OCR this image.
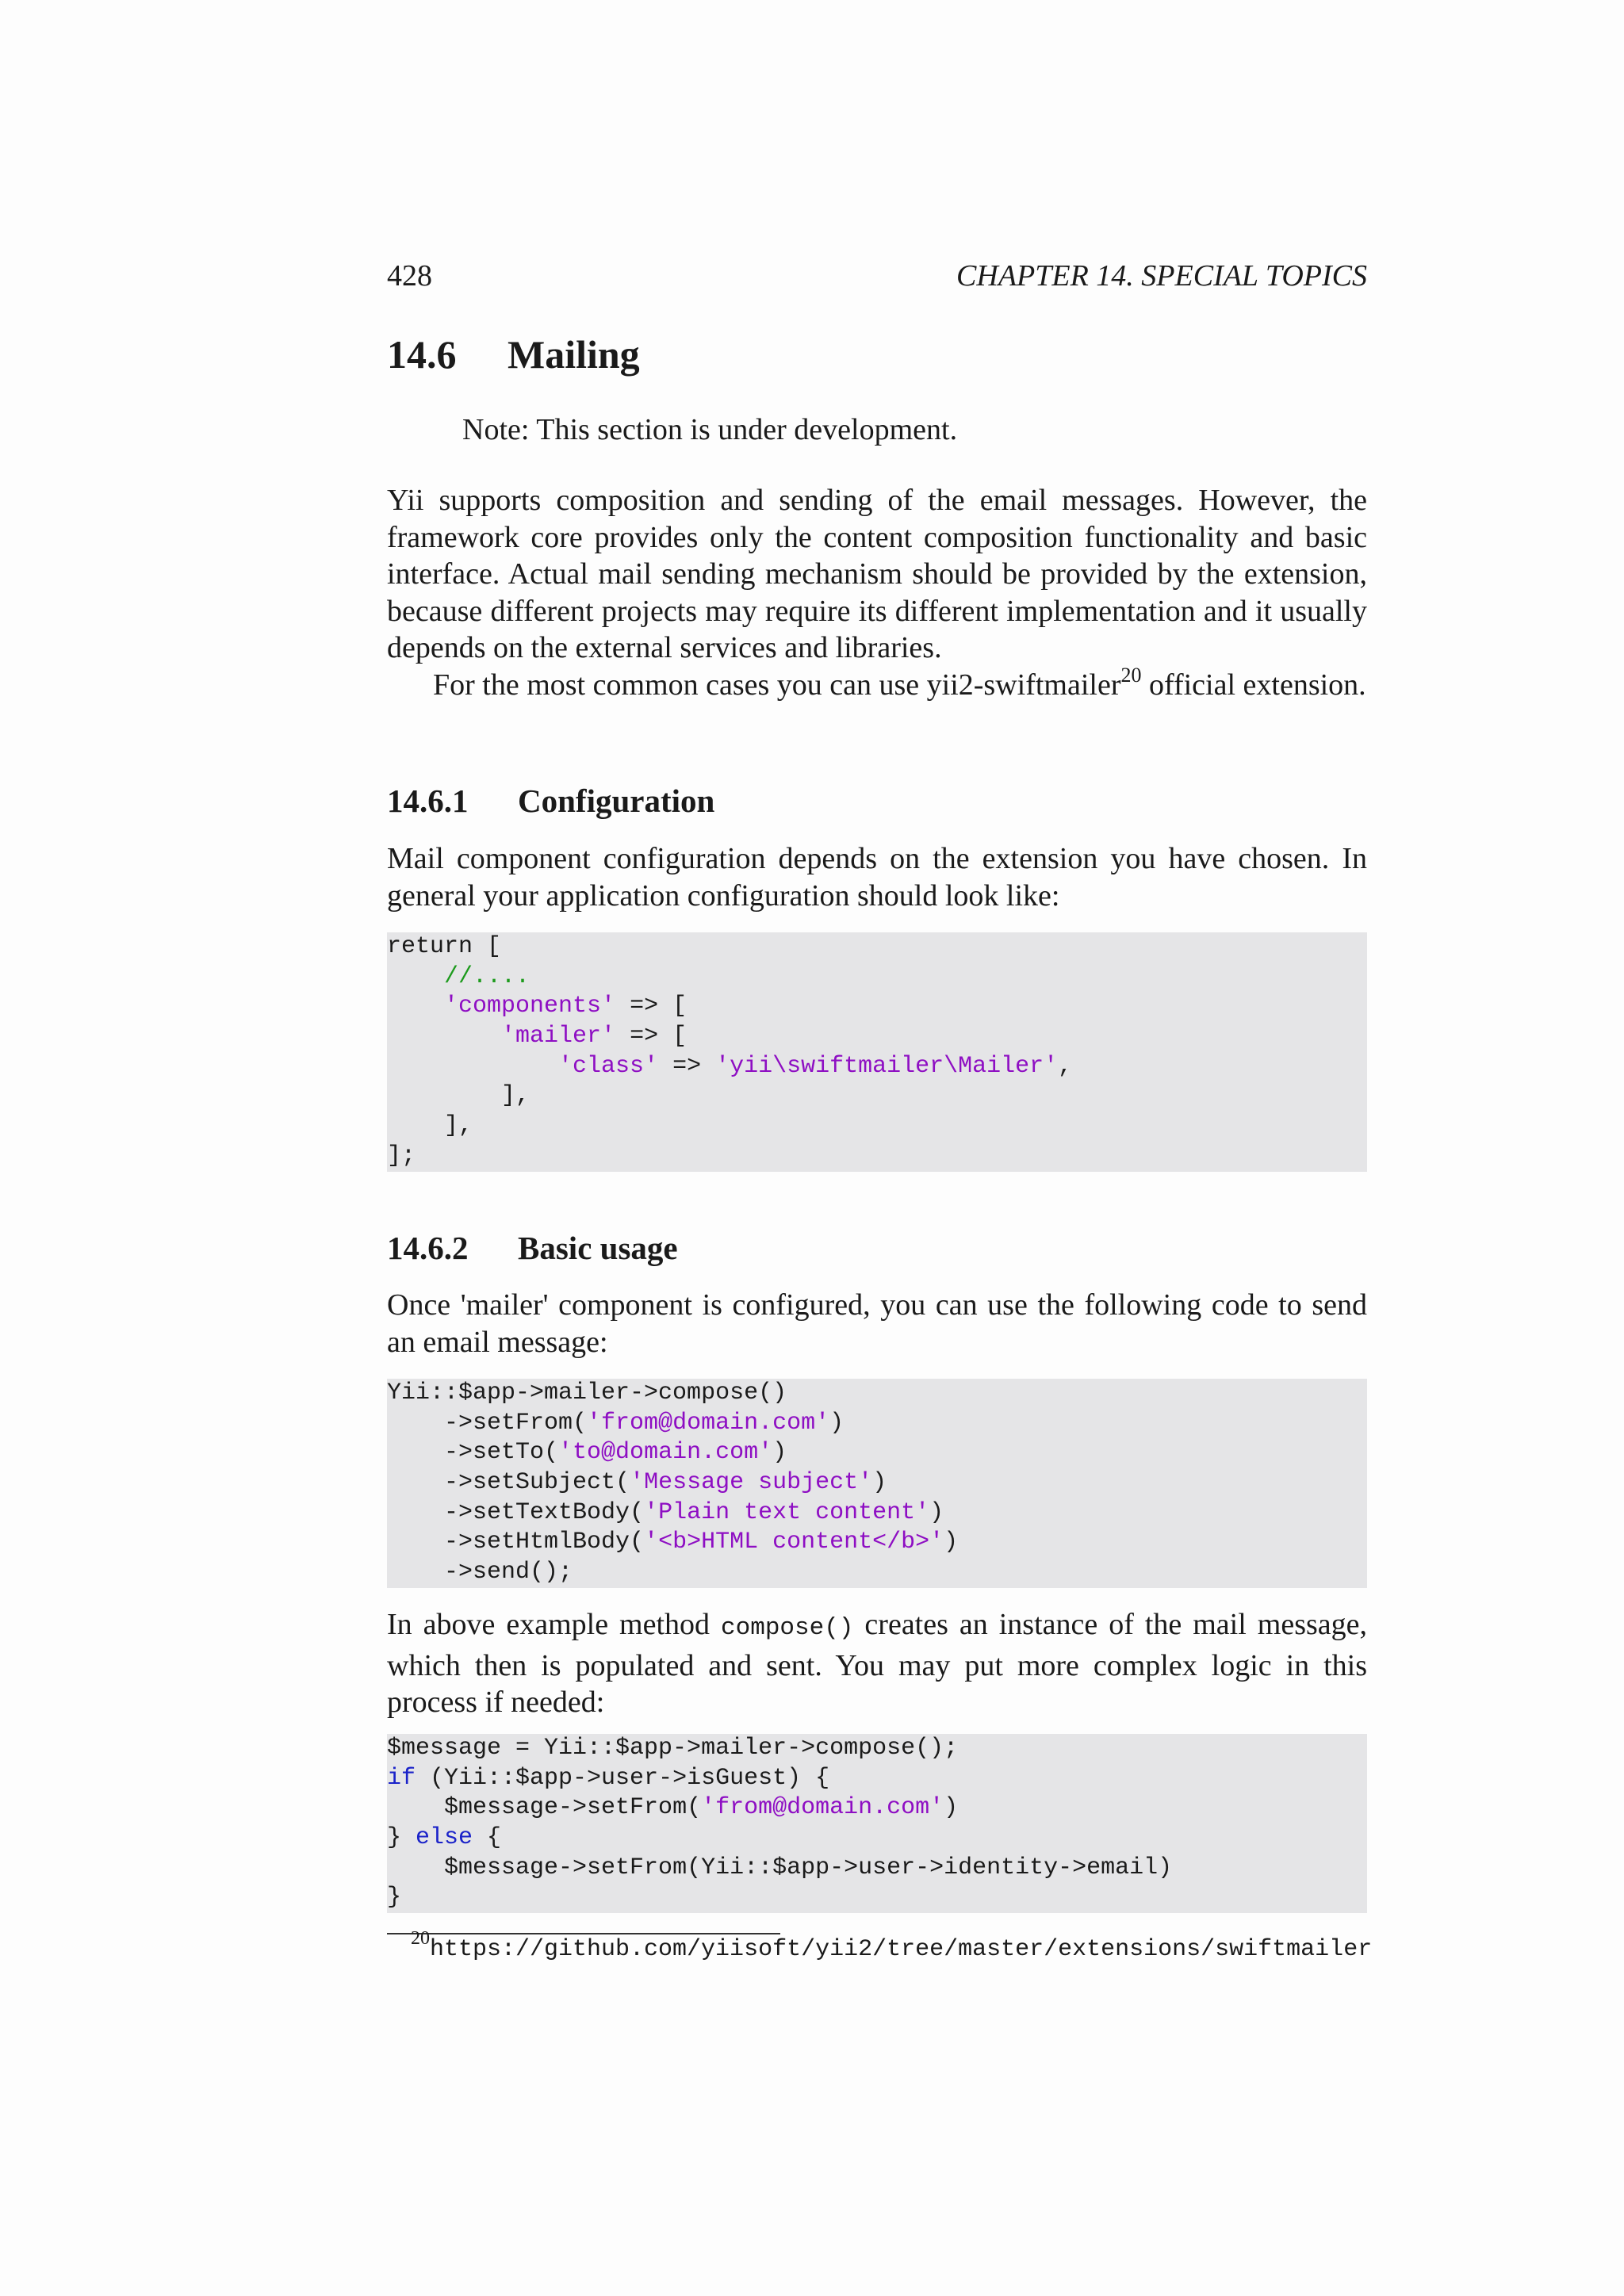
428	CHAPTER 14. SPECIAL TOPICS
14.6 Mailing
Note: This section is under development.

Yii supports composition and sending of the email messages. However, the framework core provides only the content composition functionality and basic interface. Actual mail sending mechanism should be provided by the extension, because different projects may require its different implementation and it usually depends on the external services and libraries.

For the most common cases you can use yii2-swiftmailer$^{20}$ official extension.

14.6.1 Configuration
Mail component configuration depends on the extension you have chosen. In general your application configuration should look like:
return [
//....
'components' => [
'mailer' => [
'class' => 'yii\swiftmailer\Mailer',
],
],
];
14.6.2 Basic usage
Once 'mailer' component is configured, you can use the following code to send an email message:
Yii::$app->mailer->compose()
->setFrom('from@domain.com')
->setTo('to@domain.com')
->setSubject('Message subject')
->setTextBody('Plain text content')
->setHtmlBody('<b>HTML content</b>')
->send();
In above example method compose() creates an instance of the mail message, which then is populated and sent. You may put more complex logic in this process if needed:
$message = Yii::$app->mailer->compose();
if (Yii::$app->user->isGuest) {
$message->setFrom('from@domain.com')
} else {
$message->setFrom(Yii::$app->user->identity->email)
}
$^{20}$https://github.com/yiisoft/yii2/tree/master/extensions/swiftmailer
